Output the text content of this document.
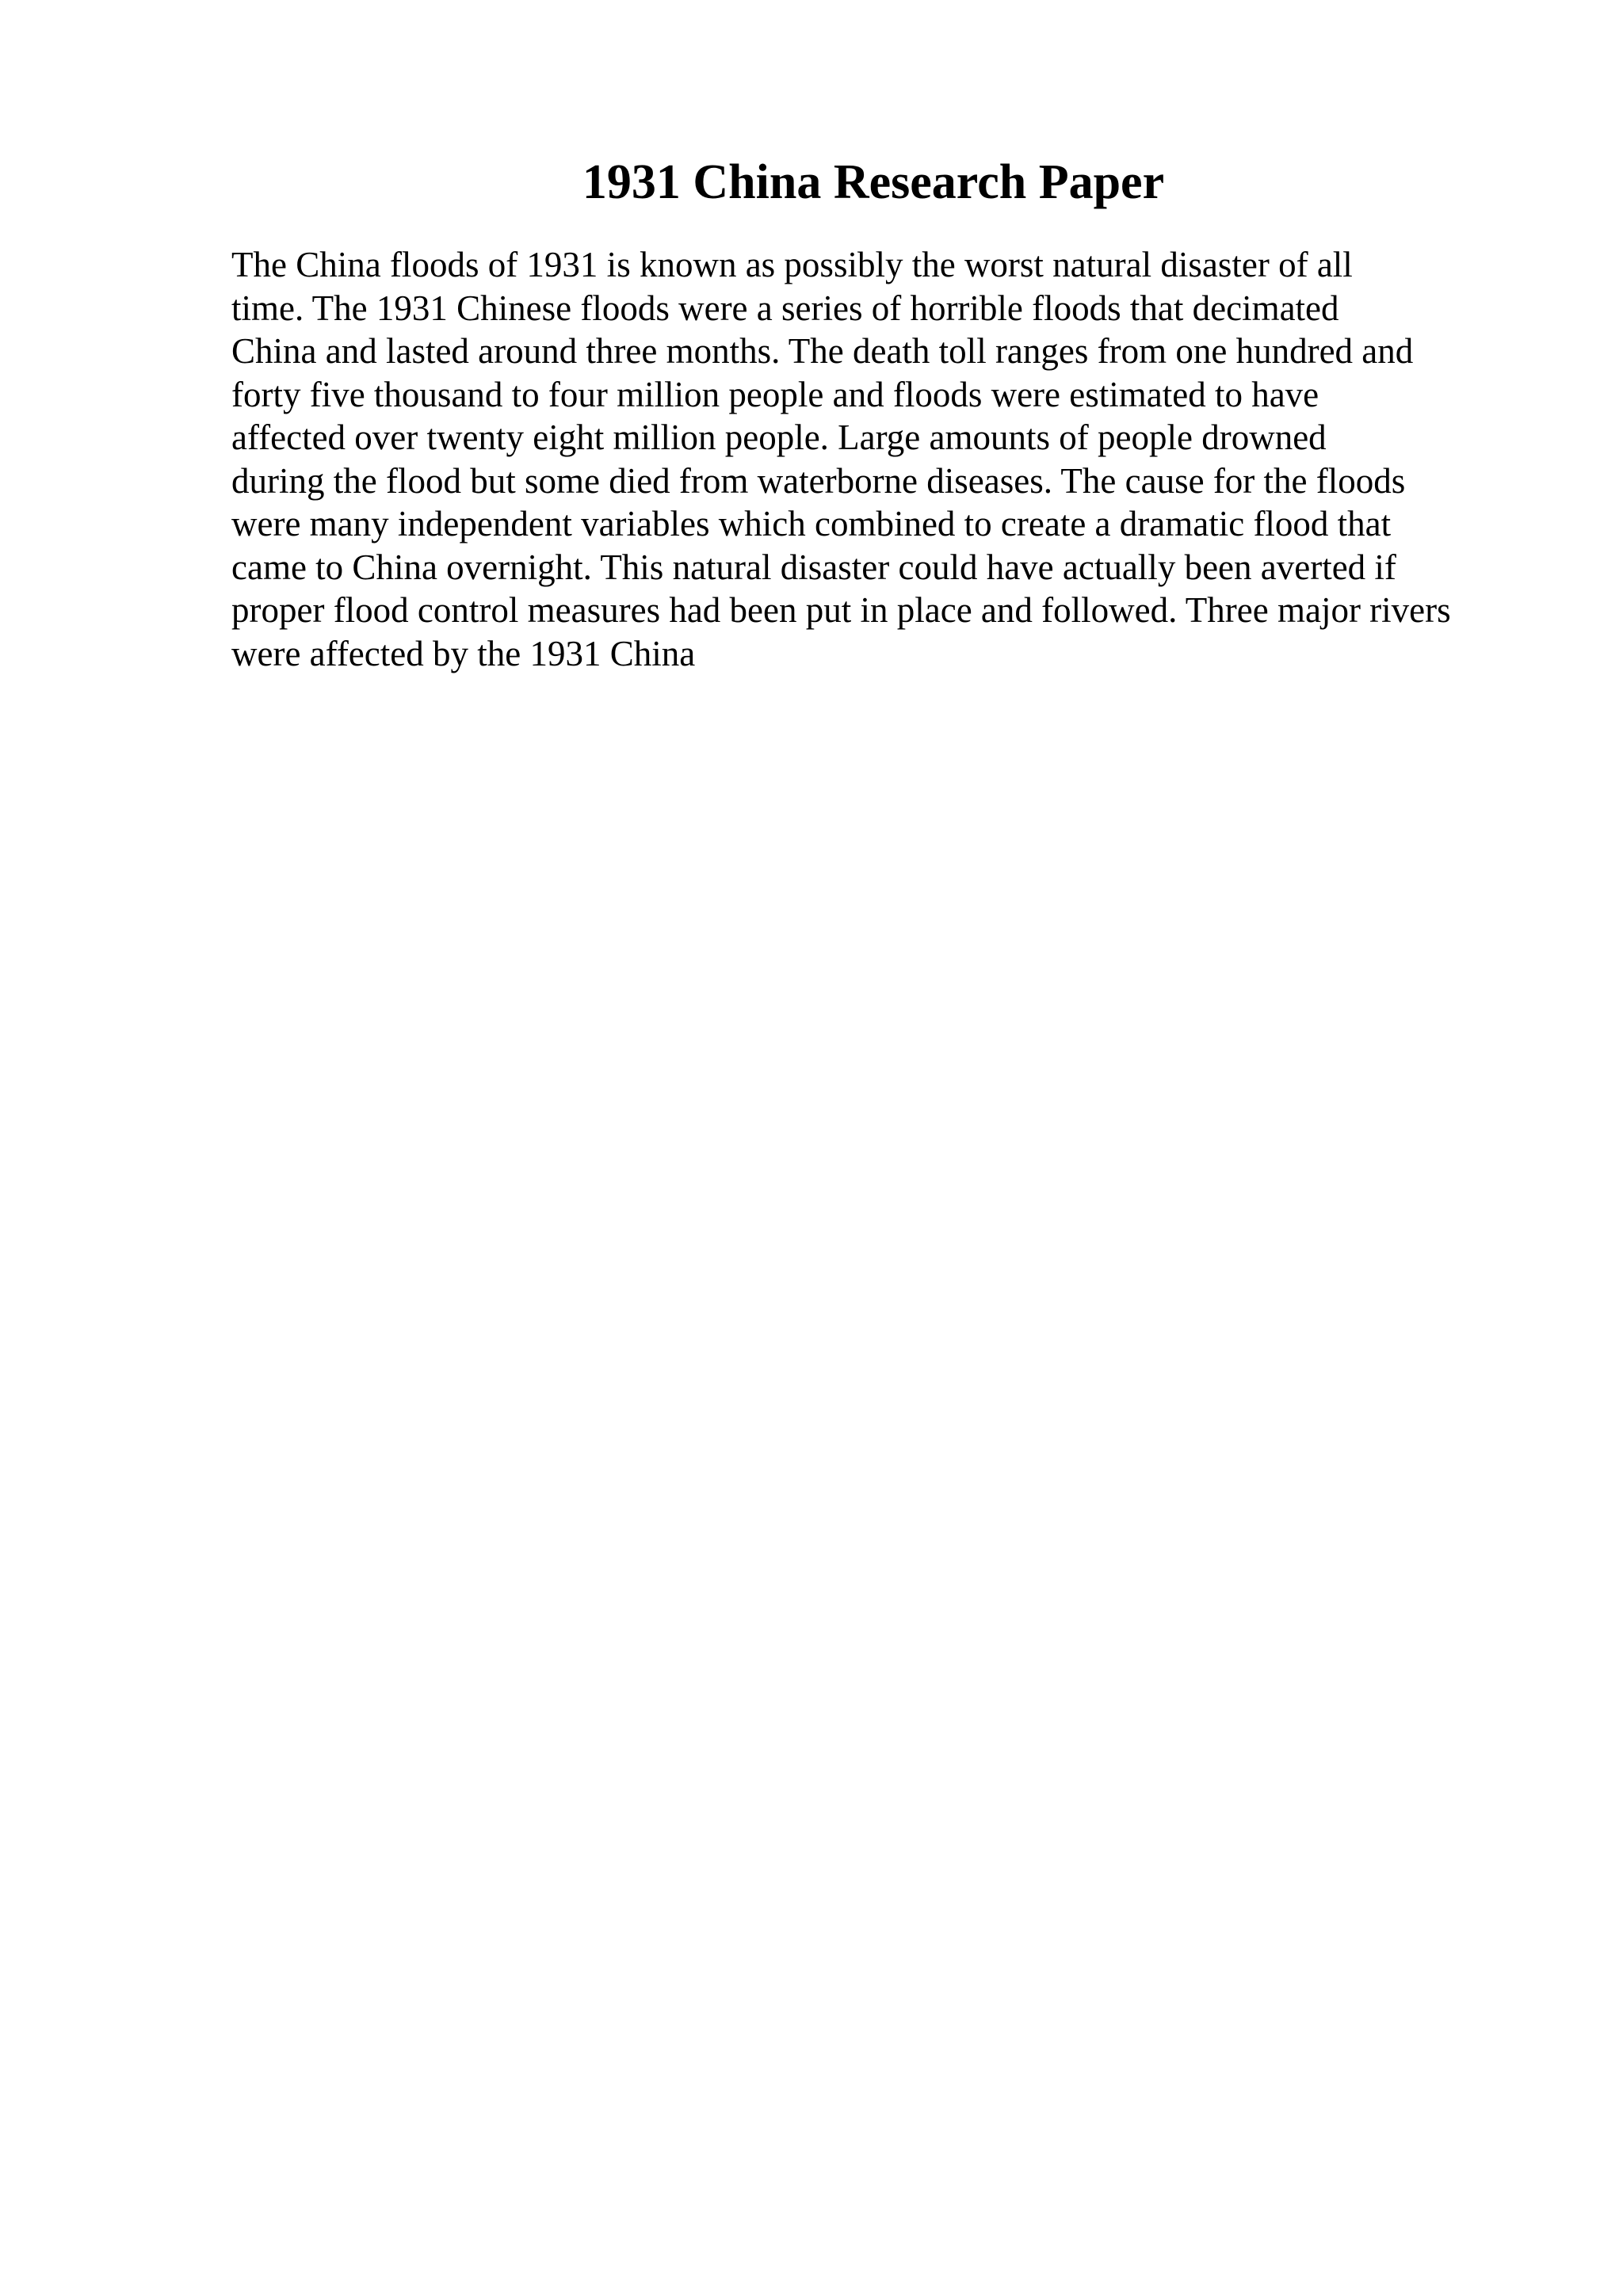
1931 China Research Paper

The China floods of 1931 is known as possibly the worst natural disaster of all
time. The 1931 Chinese floods were a series of horrible floods that decimated
China and lasted around three months. The death toll ranges from one hundred and
forty five thousand to four million people and floods were estimated to have
affected over twenty eight million people. Large amounts of people drowned
during the flood but some died from waterborne diseases. The cause for the floods
were many independent variables which combined to create a dramatic flood that
came to China overnight. This natural disaster could have actually been averted if
proper flood control measures had been put in place and followed. Three major rivers
were affected by the 1931 China
